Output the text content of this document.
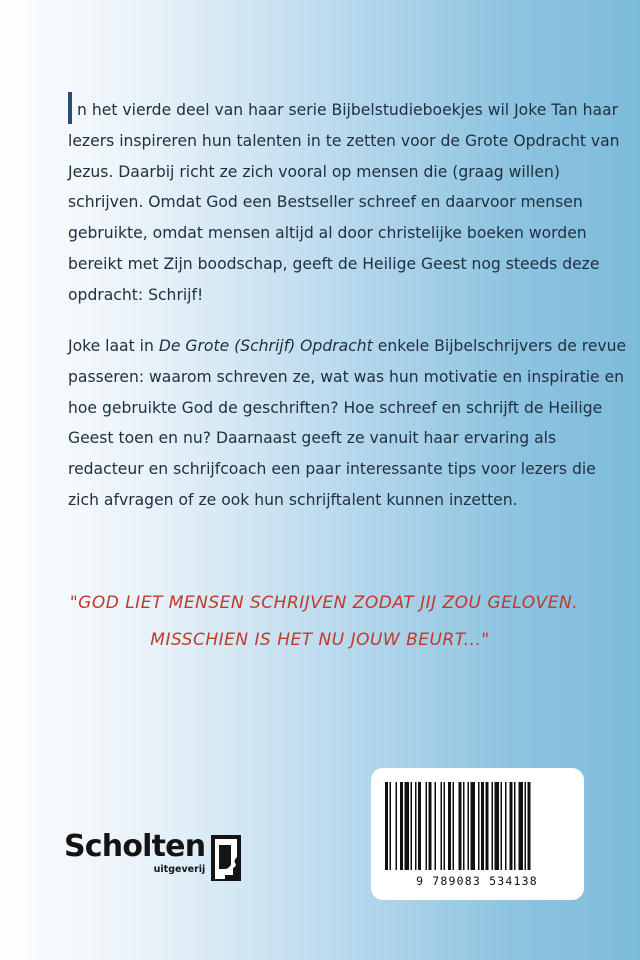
n het vierde deel van haar serie Bijbelstudieboekjes wil Joke Tan haar lezers inspireren hun talenten in te zetten voor de Grote Opdracht van Jezus. Daarbij richt ze zich vooral op mensen die (graag willen) schrijven. Omdat God een Bestseller schreef en daarvoor mensen gebruikte, omdat mensen altijd al door christelijke boeken worden bereikt met Zijn boodschap, geeft de Heilige Geest nog steeds deze opdracht: Schrijf!

Joke laat in De Grote (Schrijf) Opdracht enkele Bijbelschrijvers de revue passeren: waarom schreven ze, wat was hun motivatie en inspiratie en hoe gebruikte God de geschriften? Hoe schreef en schrijft de Heilige Geest toen en nu? Daarnaast geeft ze vanuit haar ervaring als redacteur en schrijfcoach een paar interessante tips voor lezers die zich afvragen of ze ook hun schrijftalent kunnen inzetten.

"GOD LIET MENSEN SCHRIJVEN ZODAT JIJ ZOU GELOVEN.
MISSCHIEN IS HET NU JOUW BEURT..."
Scholten
uitgeverij
9 789083 534138
